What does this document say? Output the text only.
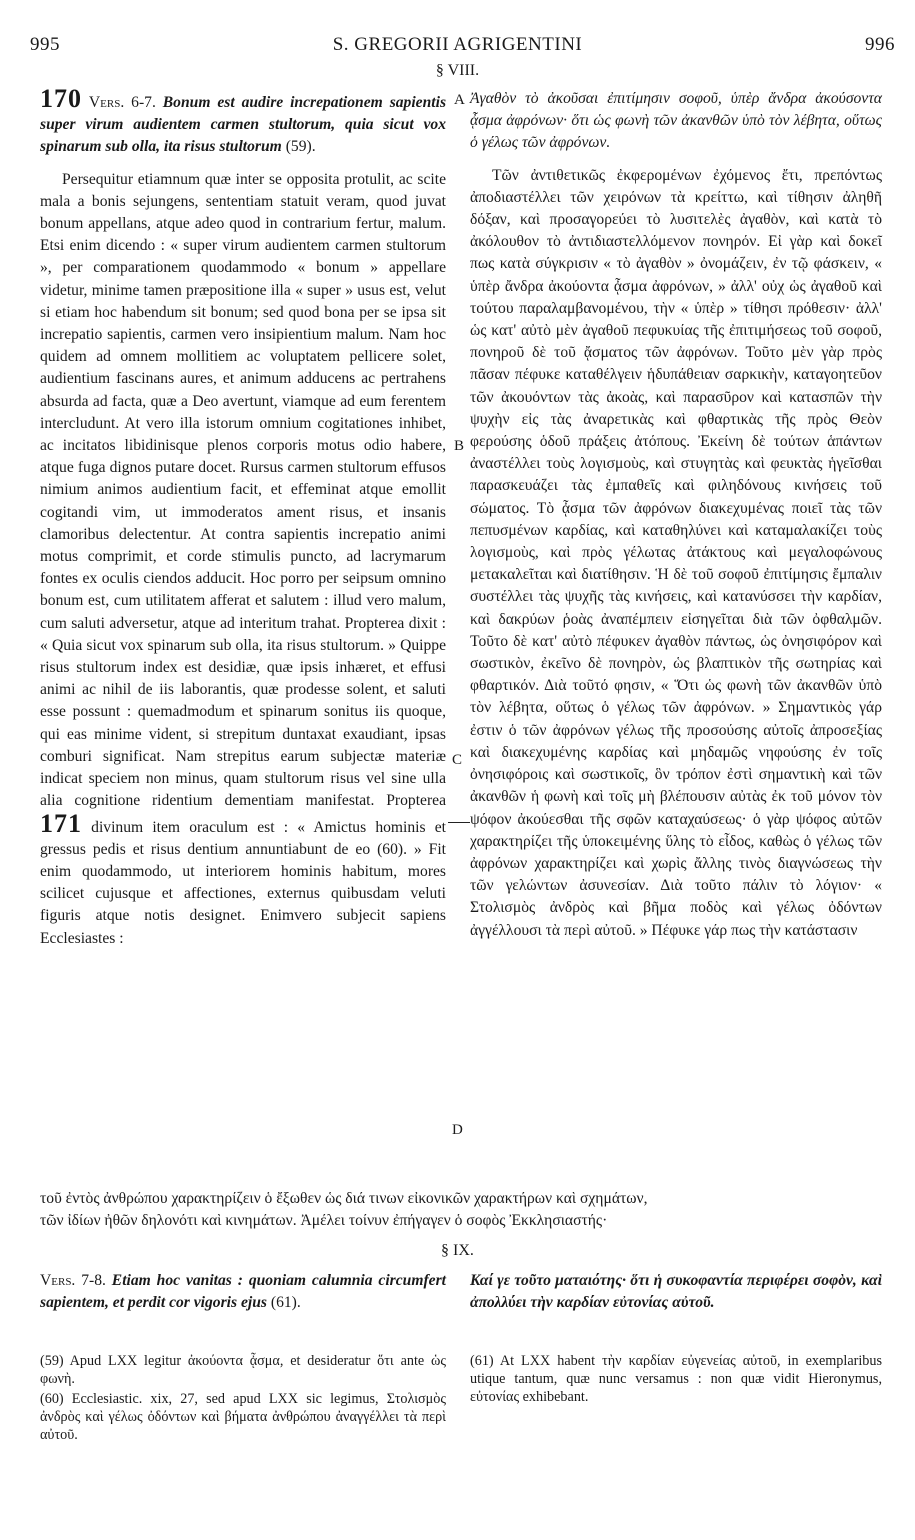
995	S. GREGORII AGRIGENTINI	996
§ VIII.
A
B
C
D

170 Vers. 6-7. Bonum est audire increpationem sapientis super virum audientem carmen stultorum, quia sicut vox spinarum sub olla, ita risus stultorum (59).

Persequitur etiamnum quæ inter se opposita protulit, ac scite mala a bonis sejungens, sententiam statuit veram, quod juvat bonum appellans, atque adeo quod in contrarium fertur, malum. Etsi enim dicendo : « super virum audientem carmen stultorum », per comparationem quodammodo « bonum » appellare videtur, minime tamen præpositione illa « super » usus est, velut si etiam hoc habendum sit bonum; sed quod bona per se ipsa sit increpatio sapientis, carmen vero insipientium malum. Nam hoc quidem ad omnem mollitiem ac voluptatem pellicere solet, audientium fascinans aures, et animum adducens ac pertrahens absurda ad facta, quæ a Deo avertunt, viamque ad eum ferentem intercludunt. At vero illa istorum omnium cogitationes inhibet, ac incitatos libidinisque plenos corporis motus odio habere, atque fuga dignos putare docet. Rursus carmen stultorum effusos nimium animos audientium facit, et effeminat atque emollit cogitandi vim, ut immoderatos ament risus, et insanis clamoribus delectentur. At contra sapientis increpatio animi motus comprimit, et corde stimulis puncto, ad lacrymarum fontes ex oculis ciendos adducit. Hoc porro per seipsum omnino bonum est, cum utilitatem afferat et salutem : illud vero malum, cum saluti adversetur, atque ad interitum trahat. Propterea dixit : « Quia sicut vox spinarum sub olla, ita risus stultorum. » Quippe risus stultorum index est desidiæ, quæ ipsis inhæret, et effusi animi ac nihil de iis laborantis, quæ prodesse solent, et saluti esse possunt : quemadmodum et spinarum sonitus iis quoque, qui eas minime vident, si strepitum duntaxat exaudiant, ipsas comburi significat. Nam strepitus earum subjectæ materiæ indicat speciem non minus, quam stultorum risus vel sine ulla alia cognitione ridentium dementiam manifestat. Propterea 171 divinum item oraculum est : « Amictus hominis et gressus pedis et risus dentium annuntiabunt de eo (60). » Fit enim quodammodo, ut interiorem hominis habitum, mores scilicet cujusque et affectiones, externus quibusdam veluti figuris atque notis designet. Enimvero subjecit sapiens Ecclesiastes :

Ἀγαθὸν τὸ ἀκοῦσαι ἐπιτίμησιν σοφοῦ, ὑπὲρ ἄνδρα ἀκούσοντα ᾆσμα ἀφρόνων· ὅτι ὡς φωνὴ τῶν ἀκανθῶν ὑπὸ τὸν λέβητα, οὕτως ὁ γέλως τῶν ἀφρόνων.

Τῶν ἀντιθετικῶς ἐκφερομένων ἐχόμενος ἔτι, πρεπόντως ἀποδιαστέλλει τῶν χειρόνων τὰ κρείττω, καὶ τίθησιν ἀληθῆ δόξαν, καὶ προσαγορεύει τὸ λυσιτελὲς ἀγαθὸν, καὶ κατὰ τὸ ἀκόλουθον τὸ ἀντιδιαστελλόμενον πονηρόν. Εἰ γὰρ καὶ δοκεῖ πως κατὰ σύγκρισιν « τὸ ἀγαθὸν » ὀνομάζειν, ἐν τῷ φάσκειν, « ὑπὲρ ἄνδρα ἀκούοντα ᾆσμα ἀφρόνων, » ἀλλ' οὐχ ὡς ἀγαθοῦ καὶ τούτου παραλαμβανομένου, τὴν « ὑπὲρ » τίθησι πρόθεσιν· ἀλλ' ὡς κατ' αὐτὸ μὲν ἀγαθοῦ πεφυκυίας τῆς ἐπιτιμήσεως τοῦ σοφοῦ, πονηροῦ δὲ τοῦ ᾄσματος τῶν ἀφρόνων. Τοῦτο μὲν γὰρ πρὸς πᾶσαν πέφυκε καταθέλγειν ἡδυπάθειαν σαρκικὴν, καταγοητεῦον τῶν ἀκουόντων τὰς ἀκοὰς, καὶ παρασῦρον καὶ κατασπῶν τὴν ψυχὴν εἰς τὰς ἀναρετικὰς καὶ φθαρτικὰς τῆς πρὸς Θεὸν φερούσης ὁδοῦ πράξεις ἀτόπους. Ἐκείνη δὲ τούτων ἁπάντων ἀναστέλλει τοὺς λογισμοὺς, καὶ στυγητὰς καὶ φευκτὰς ἡγεῖσθαι παρασκευάζει τὰς ἐμπαθεῖς καὶ φιληδόνους κινήσεις τοῦ σώματος. Τὸ ᾆσμα τῶν ἀφρόνων διακεχυμένας ποιεῖ τὰς τῶν πεπυσμένων καρδίας, καὶ καταθηλύνει καὶ καταμαλακίζει τοὺς λογισμοὺς, καὶ πρὸς γέλωτας ἀτάκτους καὶ μεγαλοφώνους μετακαλεῖται καὶ διατίθησιν. Ἡ δὲ τοῦ σοφοῦ ἐπιτίμησις ἔμπαλιν συστέλλει τὰς ψυχῆς τὰς κινήσεις, καὶ κατανύσσει τὴν καρδίαν, καὶ δακρύων ῥοὰς ἀναπέμπειν εἰσηγεῖται διὰ τῶν ὀφθαλμῶν. Τοῦτο δὲ κατ' αὐτὸ πέφυκεν ἀγαθὸν πάντως, ὡς ὀνησιφόρον καὶ σωστικὸν, ἐκεῖνο δὲ πονηρὸν, ὡς βλαπτικὸν τῆς σωτηρίας καὶ φθαρτικόν. Διὰ τοῦτό φησιν, « Ὅτι ὡς φωνὴ τῶν ἀκανθῶν ὑπὸ τὸν λέβητα, οὕτως ὁ γέλως τῶν ἀφρόνων. » Σημαντικὸς γάρ ἐστιν ὁ τῶν ἀφρόνων γέλως τῆς προσούσης αὐτοῖς ἀπροσεξίας καὶ διακεχυμένης καρδίας καὶ μηδαμῶς νηφούσης ἐν τοῖς ὀνησιφόροις καὶ σωστικοῖς, ὃν τρόπον ἐστὶ σημαντικὴ καὶ τῶν ἀκανθῶν ἡ φωνὴ καὶ τοῖς μὴ βλέπουσιν αὐτὰς ἐκ τοῦ μόνον τὸν ψόφον ἀκούεσθαι τῆς σφῶν καταχαύσεως· ὁ γὰρ ψόφος αὐτῶν χαρακτηρίζει τῆς ὑποκειμένης ὕλης τὸ εἶδος, καθὼς ὁ γέλως τῶν ἀφρόνων χαρακτηρίζει καὶ χωρὶς ἄλλης τινὸς διαγνώσεως τὴν τῶν γελώντων ἀσυνεσίαν. Διὰ τοῦτο πάλιν τὸ λόγιον· « Στολισμὸς ἀνδρὸς καὶ βῆμα ποδὸς καὶ γέλως ὀδόντων ἀγγέλλουσι τὰ περὶ αὐτοῦ. » Πέφυκε γάρ πως τὴν κατάστασιν

τοῦ ἐντὸς ἀνθρώπου χαρακτηρίζειν ὁ ἔξωθεν ὡς διά τινων εἰκονικῶν χαρακτήρων καὶ σχημάτων,

τῶν ἰδίων ἠθῶν δηλονότι καὶ κινημάτων. Ἀμέλει τοίνυν ἐπήγαγεν ὁ σοφὸς Ἐκκλησιαστής·

§ IX.

Vers. 7-8. Etiam hoc vanitas : quoniam calumnia circumfert sapientem, et perdit cor vigoris ejus (61).

Καί γε τοῦτο ματαιότης· ὅτι ἡ συκοφαντία περιφέρει σοφὸν, καὶ ἀπολλύει τὴν καρδίαν εὐτονίας αὐτοῦ.

(59) Apud LXX legitur ἀκούοντα ᾆσμα, et desideratur ὅτι ante ὡς φωνὴ.

(60) Ecclesiastic. xix, 27, sed apud LXX sic legimus, Στολισμὸς ἀνδρὸς καὶ γέλως ὀδόντων καὶ βήματα ἀνθρώπου ἀναγγέλλει τὰ περὶ αὐτοῦ.

(61) At LXX habent τὴν καρδίαν εὐγενείας αὐτοῦ, in exemplaribus utique tantum, quæ nunc versamus : non quæ vidit Hieronymus, εὐτονίας exhibebant.
